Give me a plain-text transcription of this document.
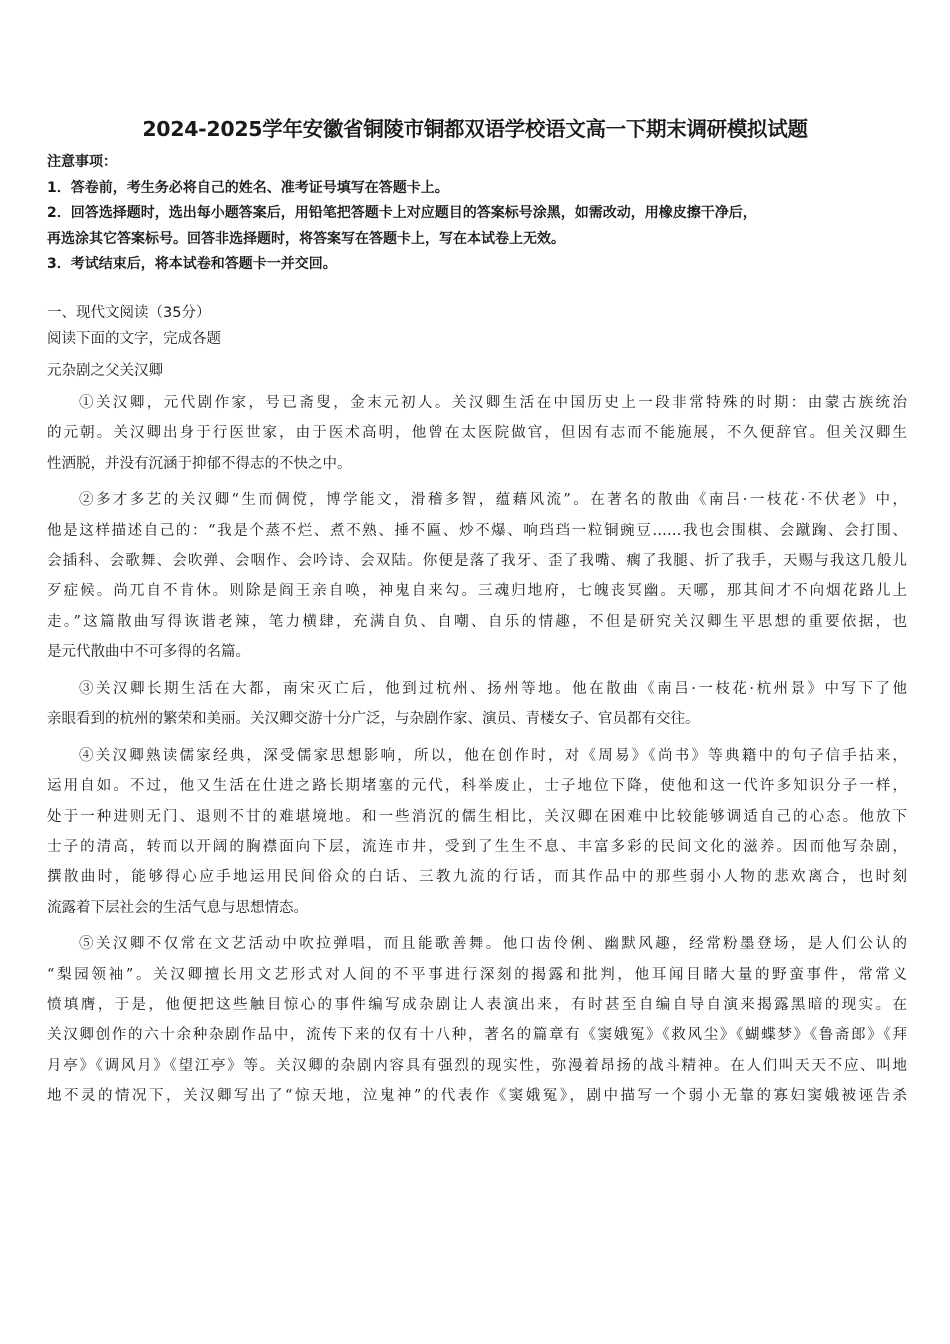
2024-2025学年安徽省铜陵市铜都双语学校语文高一下期末调研模拟试题
注意事项：
1．答卷前，考生务必将自己的姓名、准考证号填写在答题卡上。
2．回答选择题时，选出每小题答案后，用铅笔把答题卡上对应题目的答案标号涂黑，如需改动，用橡皮擦干净后，
再选涂其它答案标号。回答非选择题时，将答案写在答题卡上，写在本试卷上无效。
3．考试结束后，将本试卷和答题卡一并交回。
一、现代文阅读（35分）
阅读下面的文字，完成各题
元杂剧之父关汉卿
①关汉卿，元代剧作家，号已斋叟，金末元初人。关汉卿生活在中国历史上一段非常特殊的时期：由蒙古族统治
的元朝。关汉卿出身于行医世家，由于医术高明，他曾在太医院做官，但因有志而不能施展，不久便辞官。但关汉卿生
性洒脱，并没有沉涵于抑郁不得志的不快之中。
②多才多艺的关汉卿“生而倜傥，博学能文，滑稽多智，蕴藉风流”。在著名的散曲《南吕·一枝花·不伏老》中，
他是这样描述自己的：“我是个蒸不烂、煮不熟、捶不匾、炒不爆、响珰珰一粒铜豌豆……我也会围棋、会蹴踘、会打围、
会插科、会歌舞、会吹弹、会咽作、会吟诗、会双陆。你便是落了我牙、歪了我嘴、瘸了我腿、折了我手，天赐与我这几般儿
歹症候。尚兀自不肯休。则除是阎王亲自唤，神鬼自来勾。三魂归地府，七魄丧冥幽。天哪，那其间才不向烟花路儿上
走。”这篇散曲写得诙谐老辣，笔力横肆，充满自负、自嘲、自乐的情趣，不但是研究关汉卿生平思想的重要依据，也
是元代散曲中不可多得的名篇。
③关汉卿长期生活在大都，南宋灭亡后，他到过杭州、扬州等地。他在散曲《南吕·一枝花·杭州景》中写下了他
亲眼看到的杭州的繁荣和美丽。关汉卿交游十分广泛，与杂剧作家、演员、青楼女子、官员都有交往。
④关汉卿熟读儒家经典，深受儒家思想影响，所以，他在创作时，对《周易》《尚书》等典籍中的句子信手拈来，
运用自如。不过，他又生活在仕进之路长期堵塞的元代，科举废止，士子地位下降，使他和这一代许多知识分子一样，
处于一种进则无门、退则不甘的难堪境地。和一些消沉的儒生相比，关汉卿在困难中比较能够调适自己的心态。他放下
士子的清高，转而以开阔的胸襟面向下层，流连市井，受到了生生不息、丰富多彩的民间文化的滋养。因而他写杂剧，
撰散曲时，能够得心应手地运用民间俗众的白话、三教九流的行话，而其作品中的那些弱小人物的悲欢离合，也时刻
流露着下层社会的生活气息与思想情态。
⑤关汉卿不仅常在文艺活动中吹拉弹唱，而且能歌善舞。他口齿伶俐、幽默风趣，经常粉墨登场，是人们公认的
“梨园领袖”。关汉卿擅长用文艺形式对人间的不平事进行深刻的揭露和批判，他耳闻目睹大量的野蛮事件，常常义
愤填膺，于是，他便把这些触目惊心的事件编写成杂剧让人表演出来，有时甚至自编自导自演来揭露黑暗的现实。在
关汉卿创作的六十余种杂剧作品中，流传下来的仅有十八种，著名的篇章有《窦娥冤》《救风尘》《蝴蝶梦》《鲁斋郎》《拜
月亭》《调风月》《望江亭》等。关汉卿的杂剧内容具有强烈的现实性，弥漫着昂扬的战斗精神。在人们叫天天不应、叫地
地不灵的情况下，关汉卿写出了“惊天地，泣鬼神”的代表作《窦娥冤》，剧中描写一个弱小无靠的寡妇窦娥被诬告杀
